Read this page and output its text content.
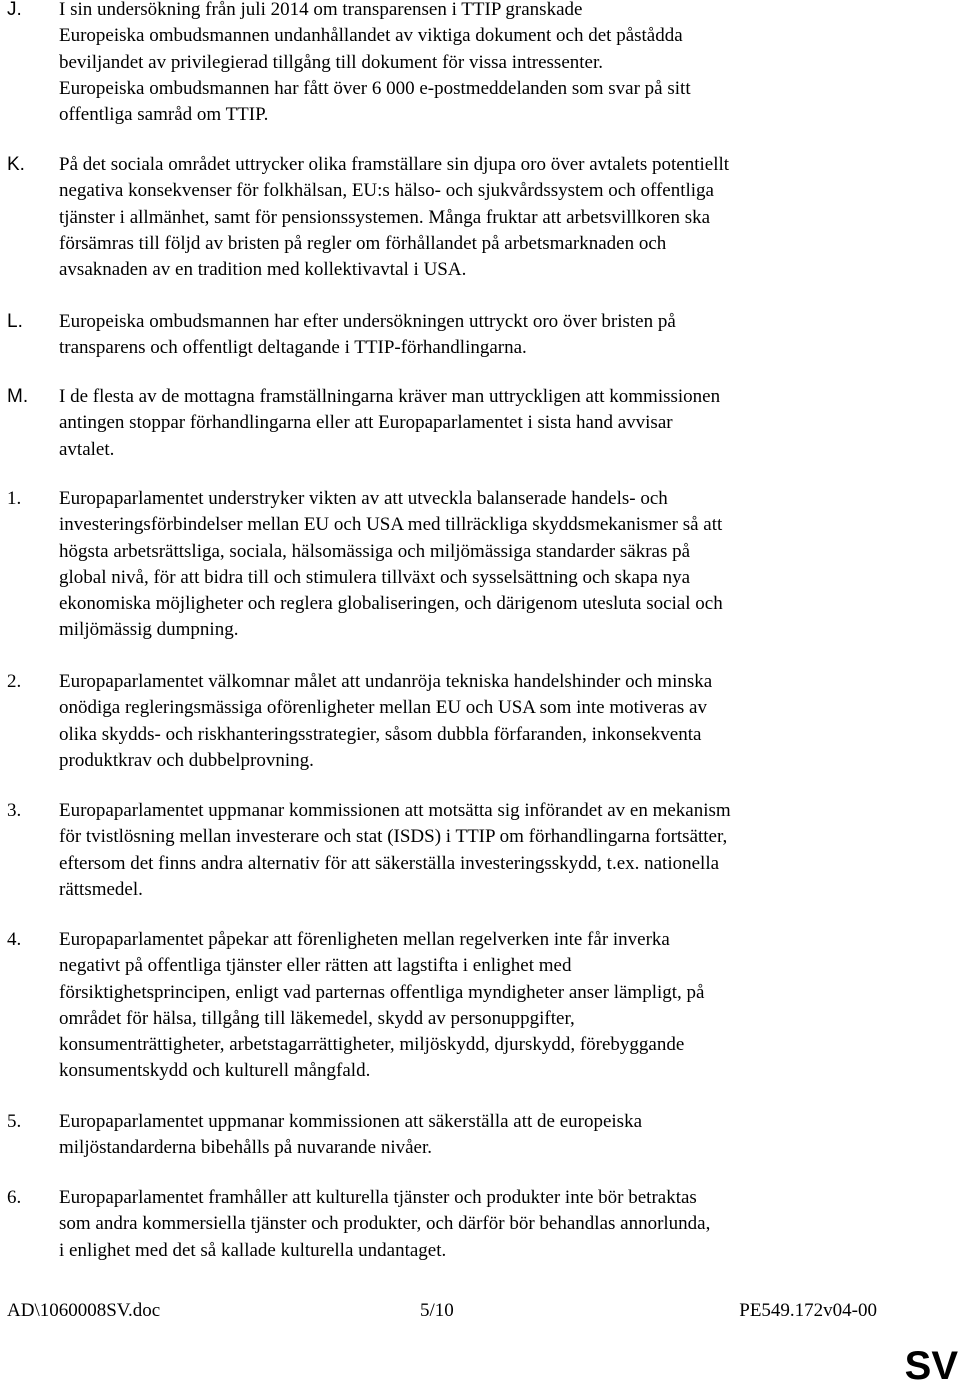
J. I sin undersökning från juli 2014 om transparensen i TTIP granskade
Europeiska ombudsmannen undanhållandet av viktiga dokument och det påstådda
beviljandet av privilegierad tillgång till dokument för vissa intressenter.
Europeiska ombudsmannen har fått över 6 000 e-postmeddelanden som svar på sitt
offentliga samråd om TTIP.
K. På det sociala området uttrycker olika framställare sin djupa oro över avtalets potentiellt
negativa konsekvenser för folkhälsan, EU:s hälso- och sjukvårdssystem och offentliga
tjänster i allmänhet, samt för pensionssystemen. Många fruktar att arbetsvillkoren ska
försämras till följd av bristen på regler om förhållandet på arbetsmarknaden och
avsaknaden av en tradition med kollektivavtal i USA.
L. Europeiska ombudsmannen har efter undersökningen uttryckt oro över bristen på
transparens och offentligt deltagande i TTIP-förhandlingarna.
M. I de flesta av de mottagna framställningarna kräver man uttryckligen att kommissionen
antingen stoppar förhandlingarna eller att Europaparlamentet i sista hand avvisar
avtalet.
1. Europaparlamentet understryker vikten av att utveckla balanserade handels- och
investeringsförbindelser mellan EU och USA med tillräckliga skyddsmekanismer så att
högsta arbetsrättsliga, sociala, hälsomässiga och miljömässiga standarder säkras på
global nivå, för att bidra till och stimulera tillväxt och sysselsättning och skapa nya
ekonomiska möjligheter och reglera globaliseringen, och därigenom utesluta social och
miljömässig dumpning.
2. Europaparlamentet välkomnar målet att undanröja tekniska handelshinder och minska
onödiga regleringsmässiga oförenligheter mellan EU och USA som inte motiveras av
olika skydds- och riskhanteringsstrategier, såsom dubbla förfaranden, inkonsekventa
produktkrav och dubbelprovning.
3. Europaparlamentet uppmanar kommissionen att motsätta sig införandet av en mekanism
för tvistlösning mellan investerare och stat (ISDS) i TTIP om förhandlingarna fortsätter,
eftersom det finns andra alternativ för att säkerställa investeringsskydd, t.ex. nationella
rättsmedel.
4. Europaparlamentet påpekar att förenligheten mellan regelverken inte får inverka
negativt på offentliga tjänster eller rätten att lagstifta i enlighet med
försiktighetsprincipen, enligt vad parternas offentliga myndigheter anser lämpligt, på
området för hälsa, tillgång till läkemedel, skydd av personuppgifter,
konsumenträttigheter, arbetstagarrättigheter, miljöskydd, djurskydd, förebyggande
konsumentskydd och kulturell mångfald.
5. Europaparlamentet uppmanar kommissionen att säkerställa att de europeiska
miljöstandarderna bibehålls på nuvarande nivåer.
6. Europaparlamentet framhåller att kulturella tjänster och produkter inte bör betraktas
som andra kommersiella tjänster och produkter, och därför bör behandlas annorlunda,
i enlighet med det så kallade kulturella undantaget.
AD\1060008SV.doc	5/10	PE549.172v04-00
SV
